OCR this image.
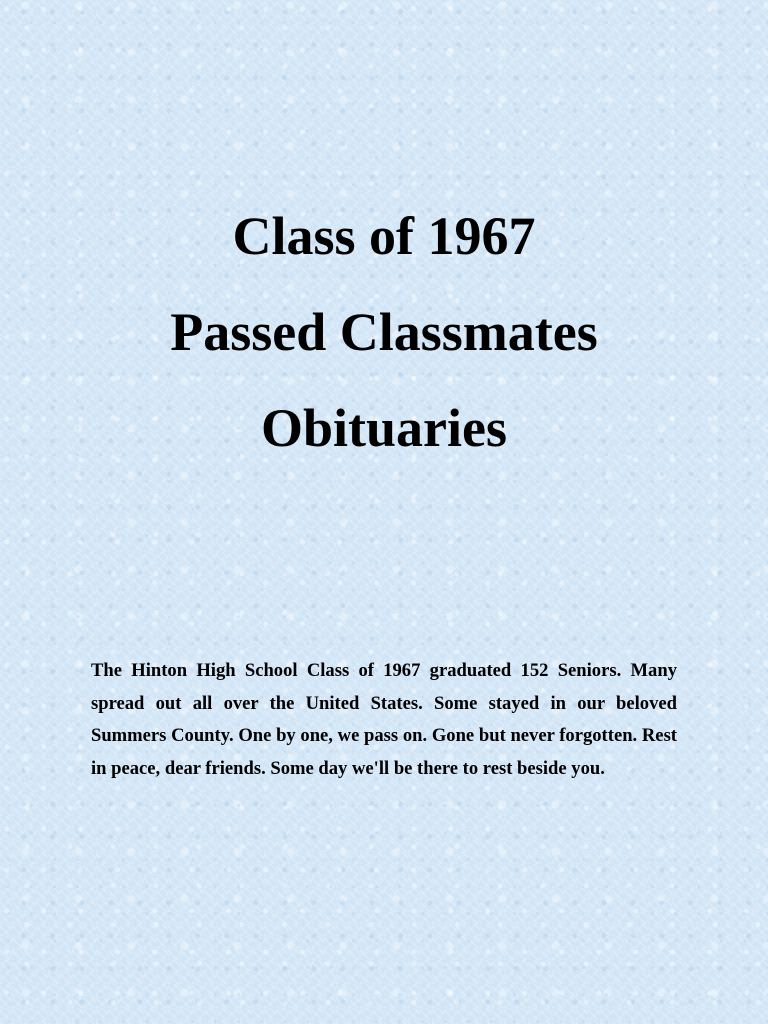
Class of 1967
Passed Classmates
Obituaries

The Hinton High School Class of 1967 graduated 152 Seniors. Many spread out all over the United States. Some stayed in our beloved Summers County. One by one, we pass on. Gone but never forgotten. Rest in peace, dear friends. Some day we'll be there to rest beside you.
